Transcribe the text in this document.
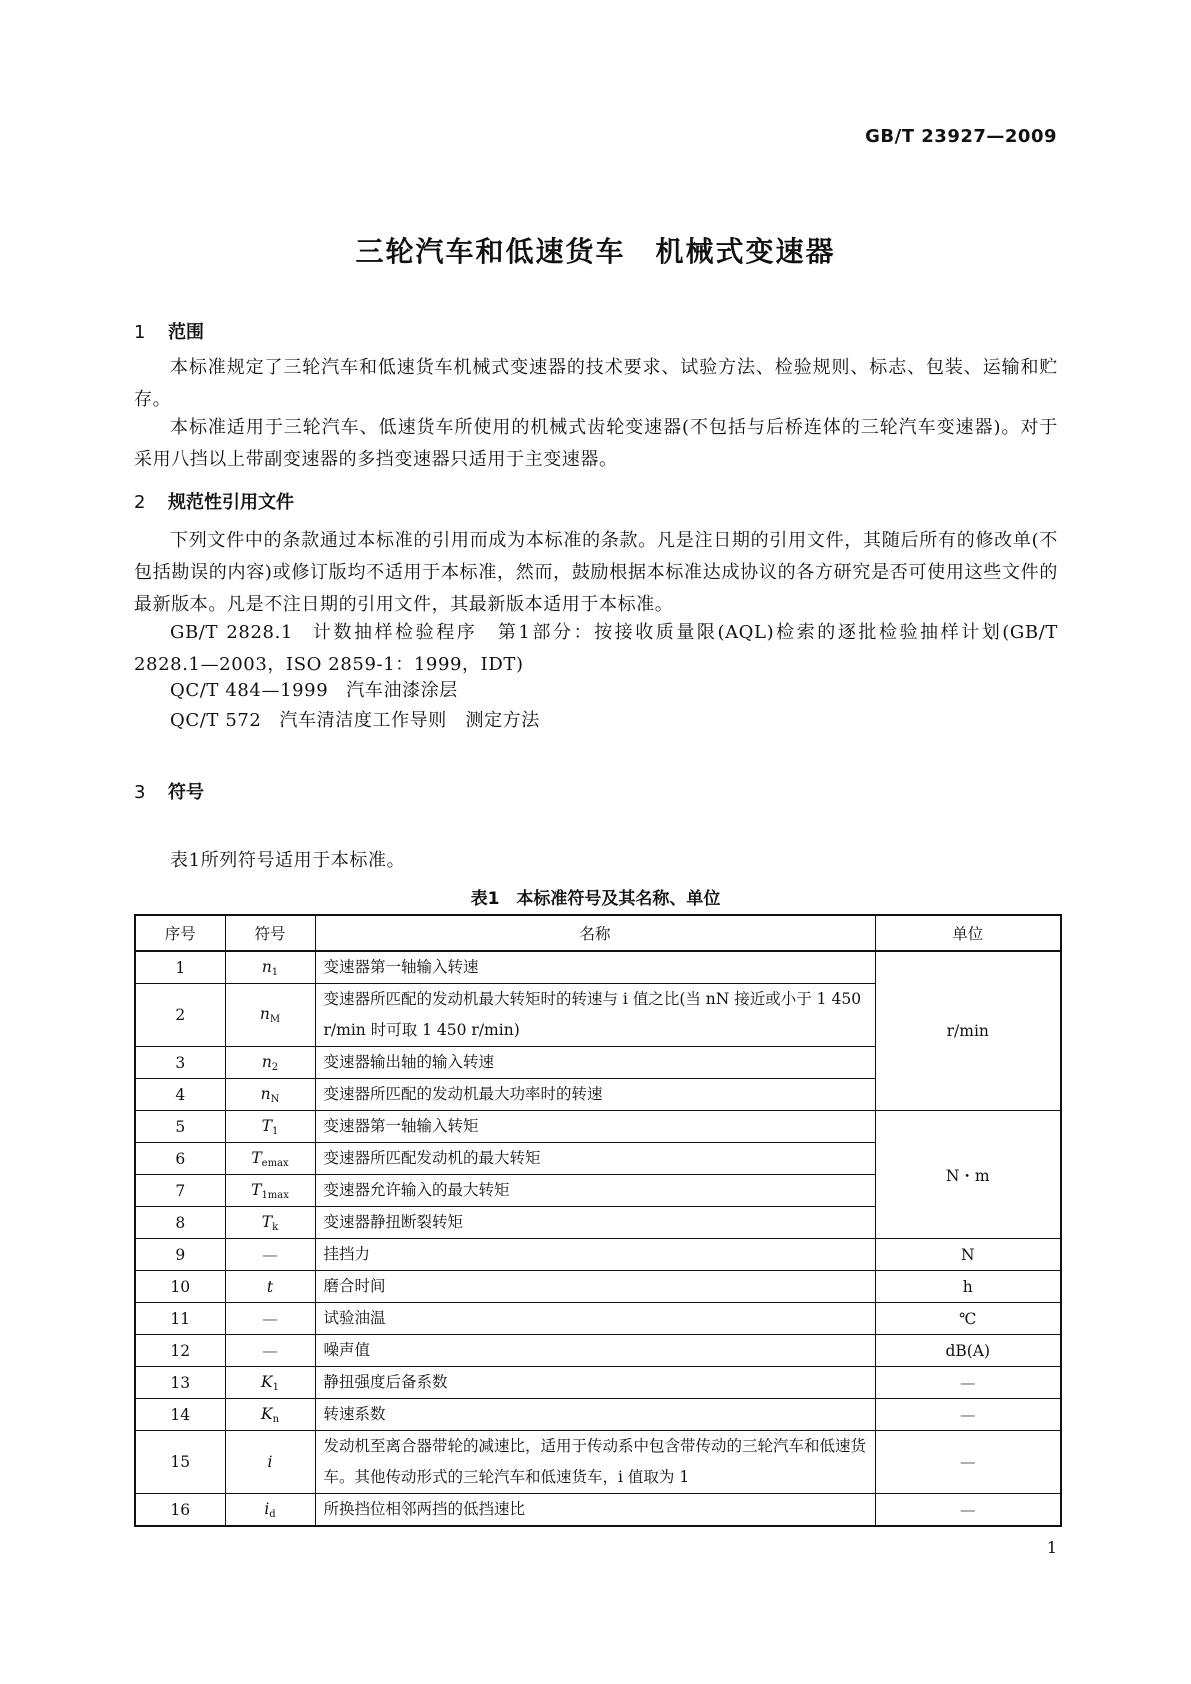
GB/T 23927—2009
三轮汽车和低速货车　机械式变速器
1 范围
本标准规定了三轮汽车和低速货车机械式变速器的技术要求、试验方法、检验规则、标志、包装、运输和贮存。
本标准适用于三轮汽车、低速货车所使用的机械式齿轮变速器(不包括与后桥连体的三轮汽车变速器)。对于采用八挡以上带副变速器的多挡变速器只适用于主变速器。
2 规范性引用文件
下列文件中的条款通过本标准的引用而成为本标准的条款。凡是注日期的引用文件，其随后所有的修改单(不包括勘误的内容)或修订版均不适用于本标准，然而，鼓励根据本标准达成协议的各方研究是否可使用这些文件的最新版本。凡是不注日期的引用文件，其最新版本适用于本标准。
GB/T 2828.1 计数抽样检验程序　第1部分：按接收质量限(AQL)检索的逐批检验抽样计划(GB/T 2828.1—2003，ISO 2859-1：1999，IDT)
QC/T 484—1999 汽车油漆涂层
QC/T 572 汽车清洁度工作导则　测定方法
3 符号
表1所列符号适用于本标准。
表1　本标准符号及其名称、单位
序号	符号	名称	单位
1	n1	变速器第一轴输入转速	r/min
2	nM	变速器所匹配的发动机最大转矩时的转速与 i 值之比(当 nN 接近或小于 1 450 r/min 时可取 1 450 r/min)	
3	n2	变速器输出轴的输入转速	
4	nN	变速器所匹配的发动机最大功率时的转速	
5	T1	变速器第一轴输入转矩	N・m
6	Temax	变速器所匹配发动机的最大转矩	
7	T1max	变速器允许输入的最大转矩	
8	Tk	变速器静扭断裂转矩	
9	—	挂挡力	N
10	t	磨合时间	h
11	—	试验油温	℃
12	—	噪声值	dB(A)
13	K1	静扭强度后备系数	—
14	Kn	转速系数	—
15	i	发动机至离合器带轮的减速比，适用于传动系中包含带传动的三轮汽车和低速货车。其他传动形式的三轮汽车和低速货车，i 值取为 1	—
16	id	所换挡位相邻两挡的低挡速比	—
1
